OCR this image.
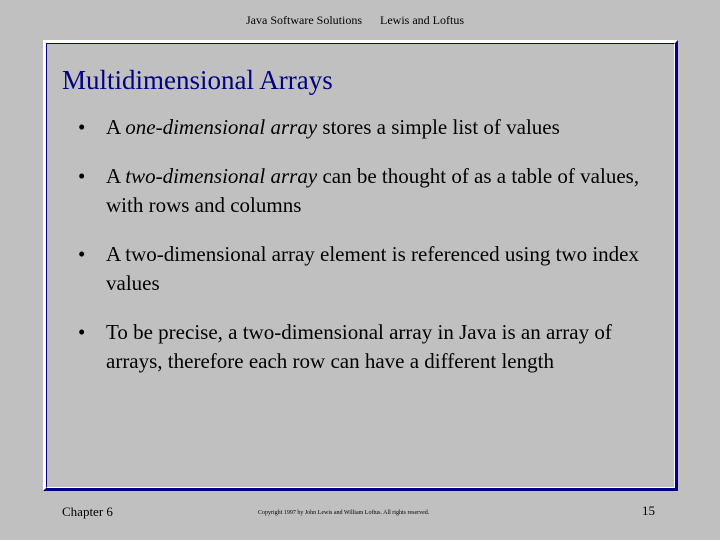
Java Software Solutions Lewis and Loftus
Multidimensional Arrays
• A one-dimensional array stores a simple list of values
• A two-dimensional array can be thought of as a table of values, with rows and columns
• A two-dimensional array element is referenced using two index values
• To be precise, a two-dimensional array in Java is an array of arrays, therefore each row can have a different length
Chapter 6	Copyright 1997 by John Lewis and William Loftus. All rights reserved.	15
